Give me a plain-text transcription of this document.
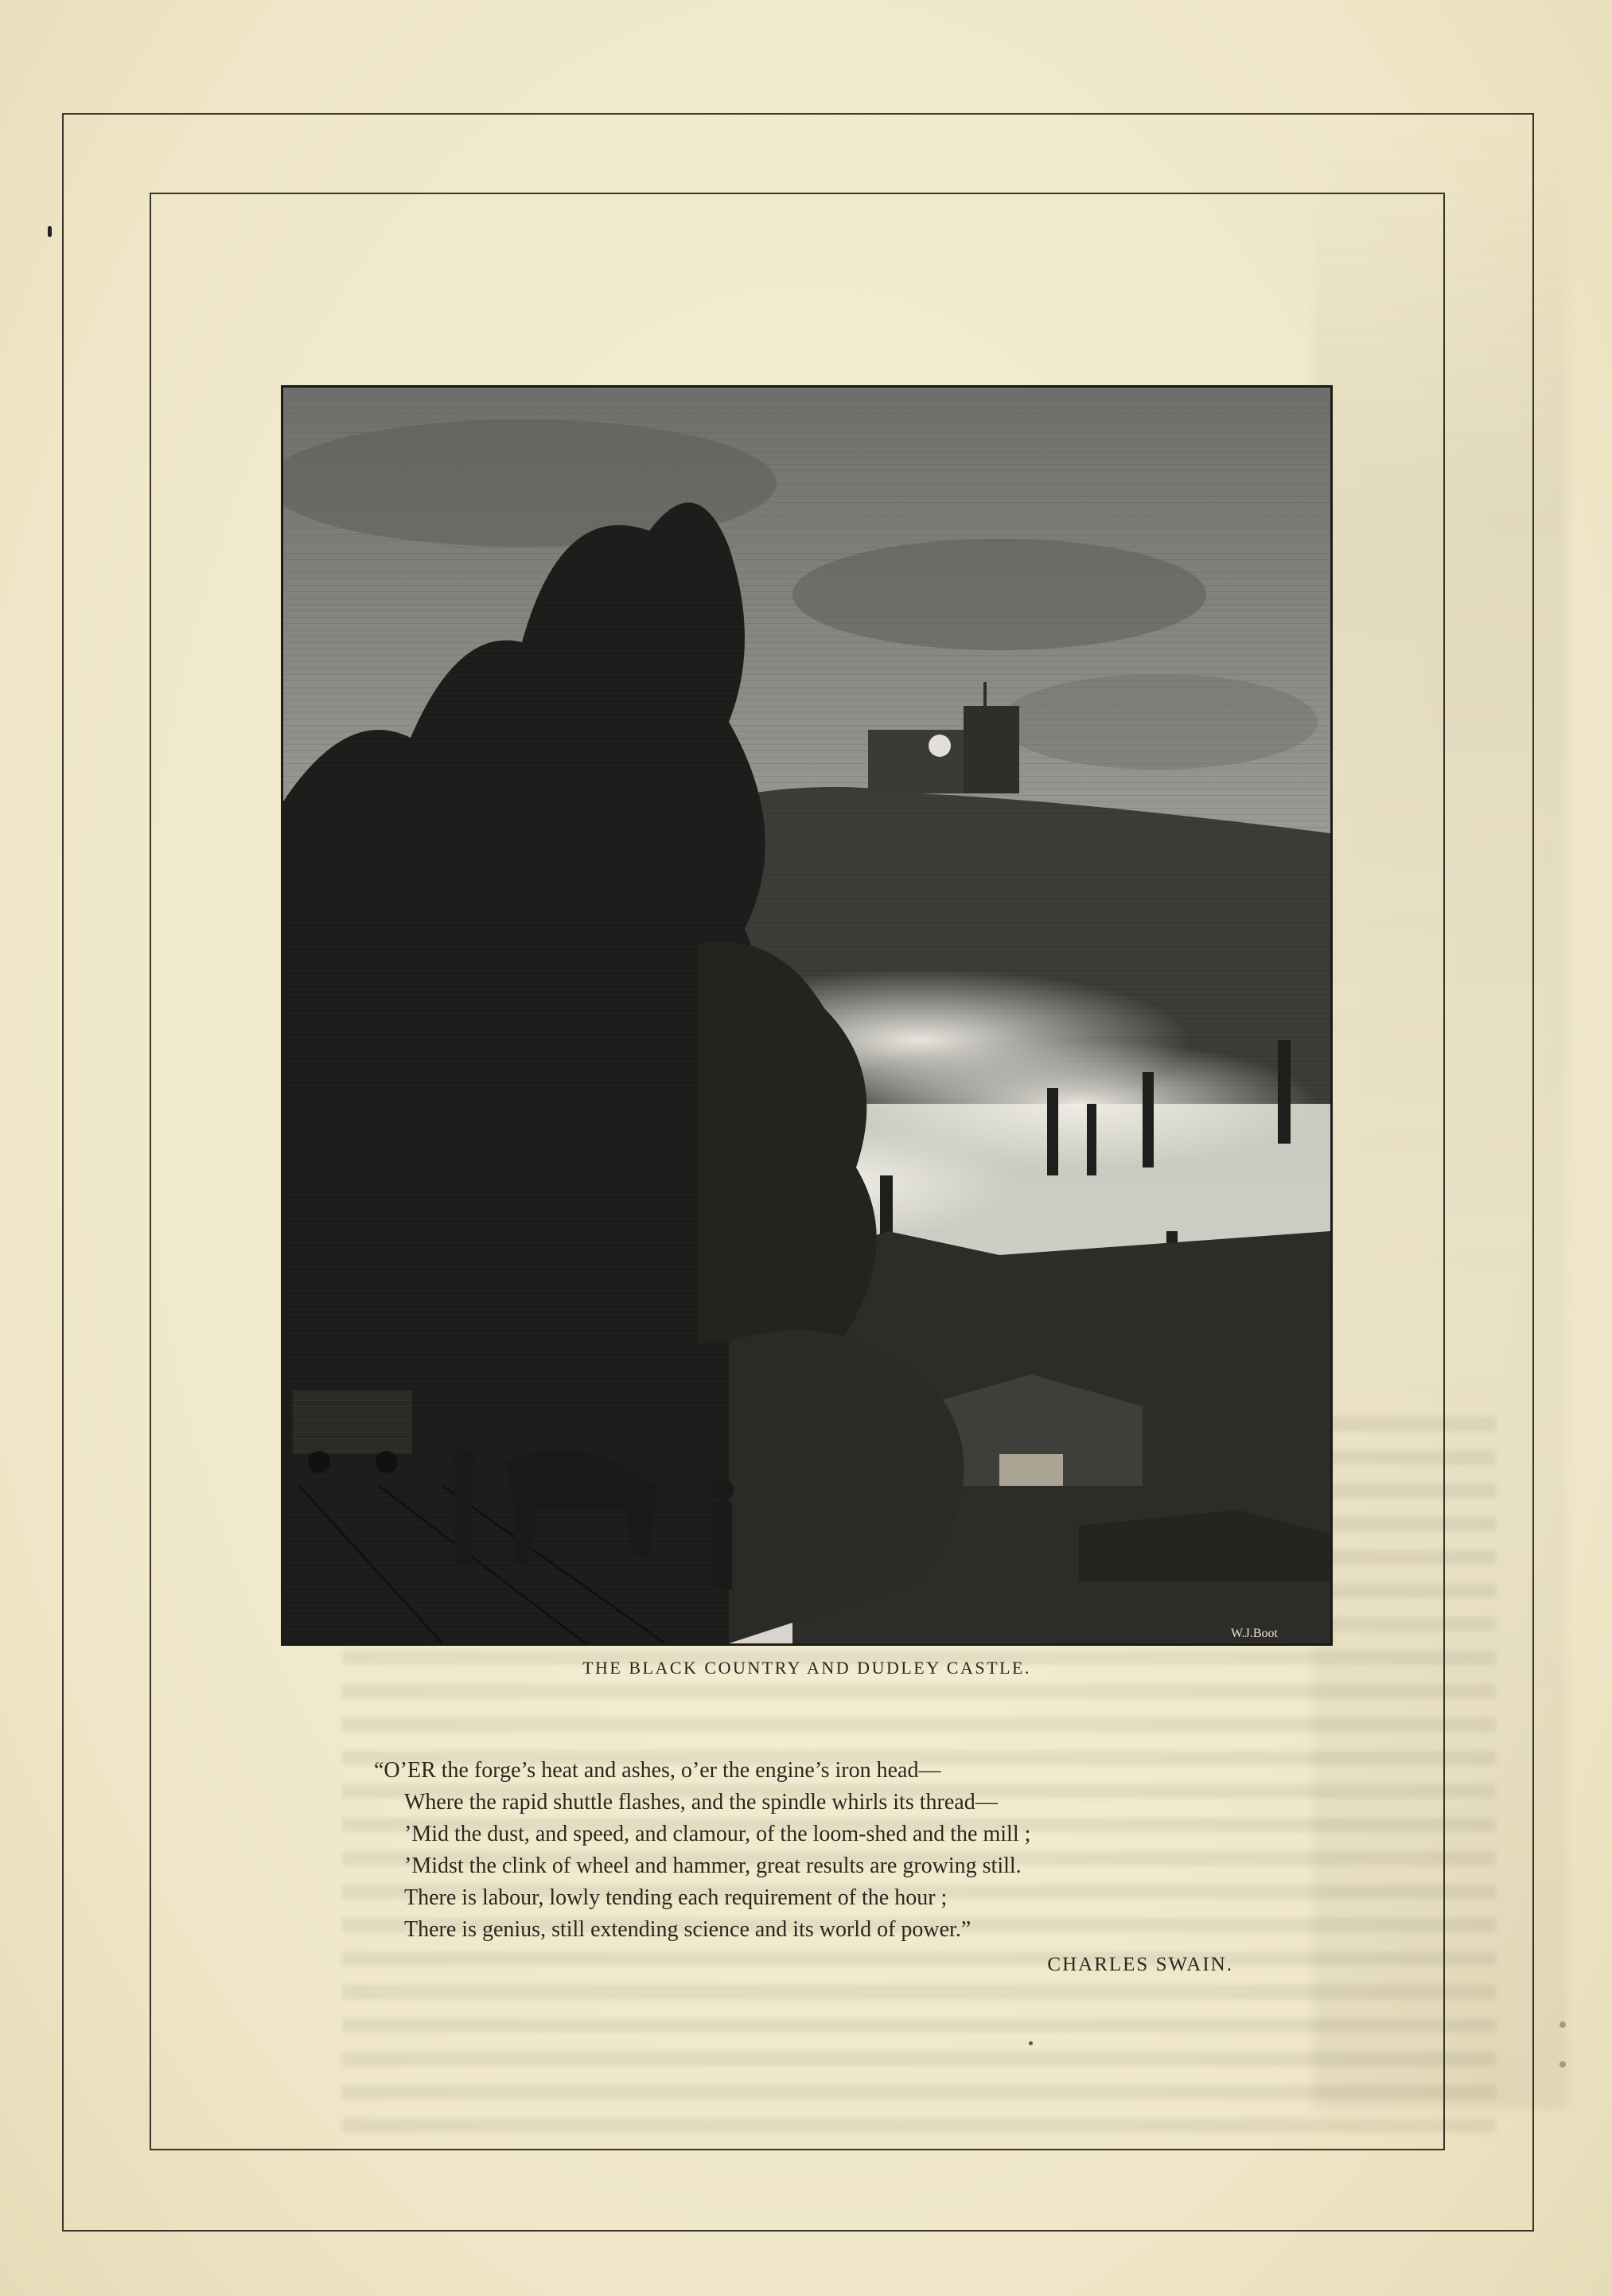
W.J.Boot
THE BLACK COUNTRY AND DUDLEY CASTLE.
“O’ER the forge’s heat and ashes, o’er the engine’s iron head—
Where the rapid shuttle flashes, and the spindle whirls its thread—
’Mid the dust, and speed, and clamour, of the loom-shed and the mill ;
’Midst the clink of wheel and hammer, great results are growing still.
There is labour, lowly tending each requirement of the hour ;
There is genius, still extending science and its world of power.”
CHARLES SWAIN.
